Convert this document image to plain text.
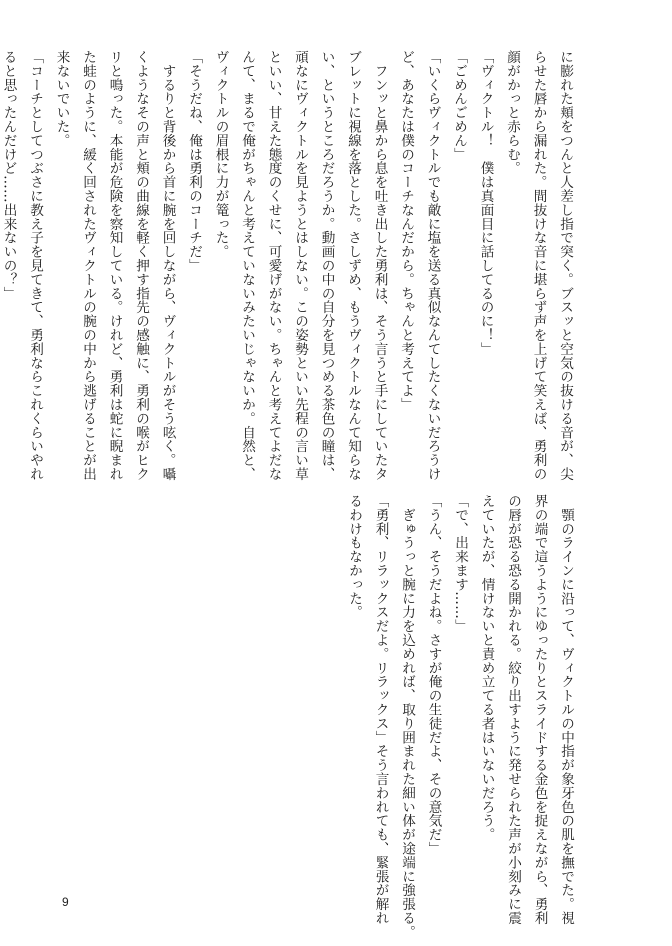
に膨れた頬をつんと人差し指で突く。ブスッと空気の抜ける音が、尖
らせた唇から漏れた。間抜けな音に堪らず声を上げて笑えば、勇利の
顔がかっと赤らむ。
「ヴィクトル！　僕は真面目に話してるのに！」
「ごめんごめん」
「いくらヴィクトルでも敵に塩を送る真似なんてしたくないだろうけ
ど、あなたは僕のコーチなんだから。ちゃんと考えてよ」
　フンッと鼻から息を吐き出した勇利は、そう言うと手にしていたタ
ブレットに視線を落とした。さしずめ、もうヴィクトルなんて知らな
い、というところだろうか。動画の中の自分を見つめる茶色の瞳は、
頑なにヴィクトルを見ようとはしない。この姿勢といい先程の言い草
といい、甘えた態度のくせに、可愛げがない。ちゃんと考えてよだな
んて、まるで俺がちゃんと考えていないみたいじゃないか。自然と、
ヴィクトルの眉根に力が篭った。
「そうだね、俺は勇利のコーチだ」
　するりと背後から首に腕を回しながら、ヴィクトルがそう呟く。囁
くようなその声と頬の曲線を軽く押す指先の感触に、勇利の喉がヒク
リと鳴った。本能が危険を察知している。けれど、勇利は蛇に睨まれ
た蛙のように、緩く回されたヴィクトルの腕の中から逃げることが出
来ないでいた。
「コーチとしてつぶさに教え子を見てきて、勇利ならこれくらいやれ
ると思ったんだけど……出来ないの？」
　顎のラインに沿って、ヴィクトルの中指が象牙色の肌を撫でた。視
界の端で這うようにゆったりとスライドする金色を捉えながら、勇利
の唇が恐る恐る開かれる。絞り出すように発せられた声が小刻みに震
えていたが、情けないと責め立てる者はいないだろう。
「で、出来ます……」
「うん、そうだよね。さすが俺の生徒だよ、その意気だ」
　ぎゅうっと腕に力を込めれば、取り囲まれた細い体が途端に強張る。
「勇利、リラックスだよ。リラックス」そう言われても、緊張が解れ
るわけもなかった。
9
